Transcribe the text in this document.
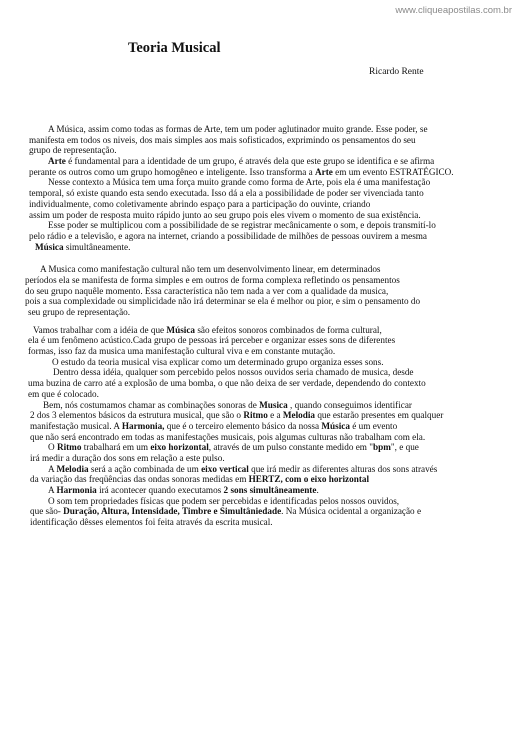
www.cliqueapostilas.com.br
Teoria Musical
Ricardo Rente
A Música, assim como todas as formas de Arte, tem um poder aglutinador muito grande. Esse poder, se
manifesta em todos os niveis, dos mais simples aos mais sofisticados, exprimindo os pensamentos do seu
grupo de representação.
Arte é fundamental para a identidade de um grupo, é através dela que este grupo se identifica e se afirma
perante os outros como um grupo homogêneo e inteligente. Isso transforma a Arte em um evento ESTRATÉGICO.
Nesse contexto a Música tem uma força muito grande como forma de Arte, pois ela é uma manifestação
temporal, só existe quando esta sendo executada. Isso dá a ela a possibilidade de poder ser vivenciada tanto
individualmente, como coletivamente abrindo espaço para a participação do ouvinte, criando
assim um poder de resposta muito rápido junto ao seu grupo pois eles vivem o momento de sua existência.
Esse poder se multiplicou com a possibilidade de se registrar mecânicamente o som, e depois transmití-lo
pelo rádio e a televisão, e agora na internet, criando a possibilidade de milhões de pessoas ouvirem a mesma
Música simultâneamente.
A Musica como manifestação cultural não tem um desenvolvimento linear, em determinados
períodos ela se manifesta de forma simples e em outros de forma complexa refletindo os pensamentos
do seu grupo naquêle momento. Essa característica não tem nada a ver com a qualidade da musica,
pois a sua complexidade ou simplicidade não irá determinar se ela é melhor ou pior, e sim o pensamento do
seu grupo de representação.
Vamos trabalhar com a idéia de que Música são efeitos sonoros combinados de forma cultural,
ela é um fenômeno acústico.Cada grupo de pessoas irá perceber e organizar esses sons de diferentes
formas, isso faz da musica uma manifestação cultural viva e em constante mutação.
O estudo da teoria musical visa explicar como um determinado grupo organiza esses sons.
Dentro dessa idéia, qualquer som percebido pelos nossos ouvidos seria chamado de musica, desde
uma buzina de carro até a explosão de uma bomba, o que não deixa de ser verdade, dependendo do contexto
em que é colocado.
Bem, nós costumamos chamar as combinações sonoras de Musica , quando conseguimos identificar
2 dos 3 elementos básicos da estrutura musical, que são o Ritmo e a Melodia que estarão presentes em qualquer
manifestação musical. A Harmonia, que é o terceiro elemento básico da nossa Música é um evento
que não será encontrado em todas as manifestações musicais, pois algumas culturas não trabalham com ela.
O Ritmo trabalhará em um eixo horizontal, através de um pulso constante medido em "bpm", e que
irá medir a duração dos sons em relação a este pulso.
A Melodia será a ação combinada de um eixo vertical que irá medir as diferentes alturas dos sons através
da variação das freqüências das ondas sonoras medidas em HERTZ, com o eixo horizontal
A Harmonia irá acontecer quando executamos 2 sons simultâneamente.
O som tem propriedades físicas que podem ser percebidas e identificadas pelos nossos ouvidos,
que são- Duração, Altura, Intensidade, Timbre e Simultâniedade. Na Música ocidental a organização e
identificação dêsses elementos foi feita através da escrita musical.
